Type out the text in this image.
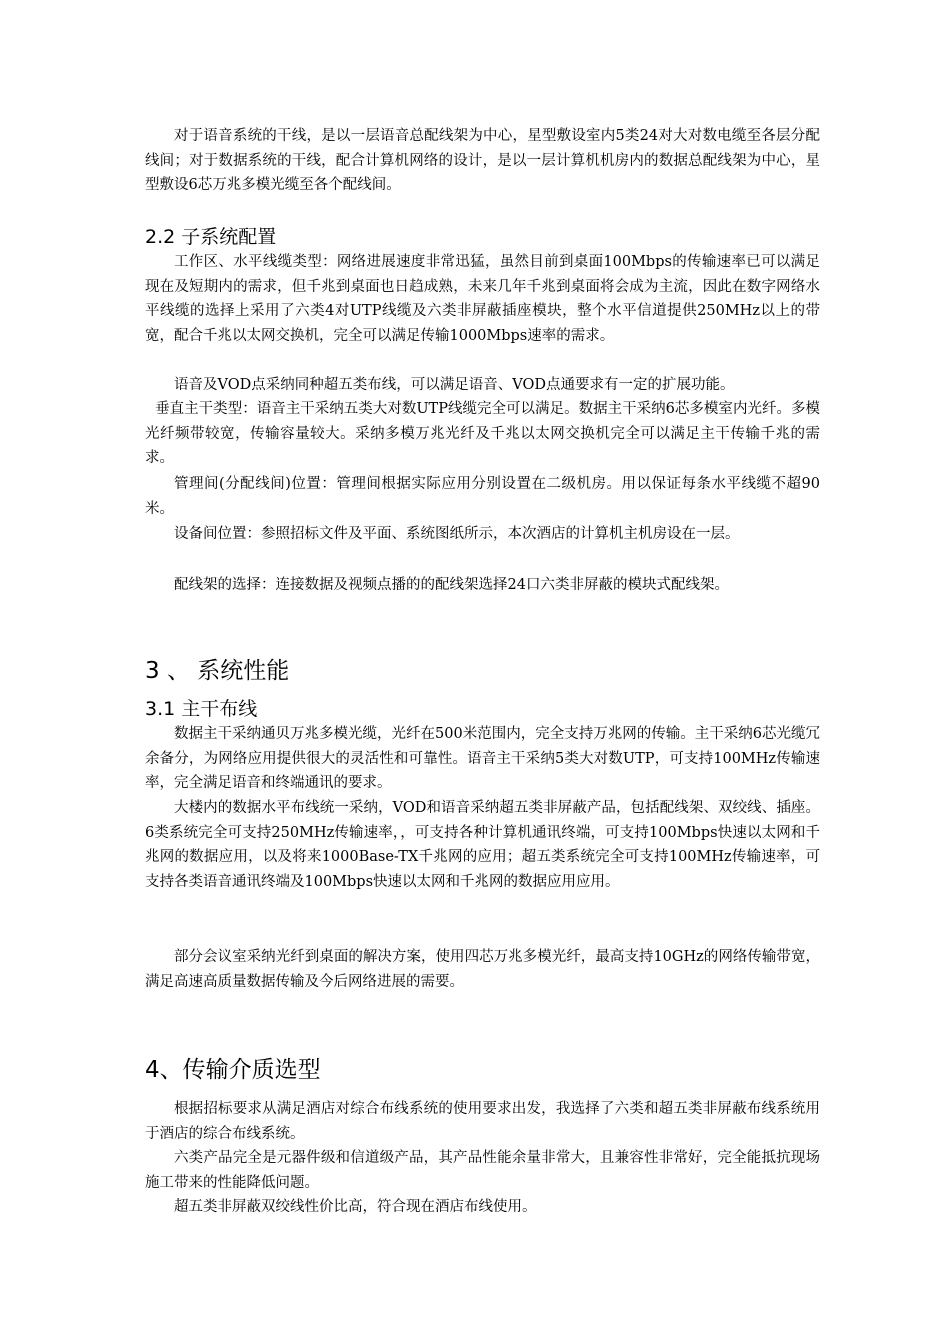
对于语音系统的干线，是以一层语音总配线架为中心，星型敷设室内5类24对大对数电缆至各层分配线间；对于数据系统的干线，配合计算机网络的设计，是以一层计算机机房内的数据总配线架为中心，星型敷设6芯万兆多模光缆至各个配线间。

2.2 子系统配置

工作区、水平线缆类型：网络进展速度非常迅猛，虽然目前到桌面100Mbps的传输速率已可以满足现在及短期内的需求，但千兆到桌面也日趋成熟，未来几年千兆到桌面将会成为主流，因此在数字网络水平线缆的选择上采用了六类4对UTP线缆及六类非屏蔽插座模块，整个水平信道提供250MHz以上的带宽，配合千兆以太网交换机，完全可以满足传输1000Mbps速率的需求。

语音及VOD点采纳同种超五类布线，可以满足语音、VOD点通要求有一定的扩展功能。

垂直主干类型：语音主干采纳五类大对数UTP线缆完全可以满足。数据主干采纳6芯多模室内光纤。多模光纤频带较宽，传输容量较大。采纳多模万兆光纤及千兆以太网交换机完全可以满足主干传输千兆的需求。

管理间(分配线间)位置：管理间根据实际应用分别设置在二级机房。用以保证每条水平线缆不超90米。

设备间位置：参照招标文件及平面、系统图纸所示，本次酒店的计算机主机房设在一层。

配线架的选择：连接数据及视频点播的的配线架选择24口六类非屏蔽的模块式配线架。

3 、 系统性能
3.1 主干布线

数据主干采纳通贝万兆多模光缆，光纤在500米范围内，完全支持万兆网的传输。主干采纳6芯光缆冗余备分，为网络应用提供很大的灵活性和可靠性。语音主干采纳5类大对数UTP，可支持100MHz传输速率，完全满足语音和终端通讯的要求。

大楼内的数据水平布线统一采纳，VOD和语音采纳超五类非屏蔽产品，包括配线架、双绞线、插座。6类系统完全可支持250MHz传输速率，，可支持各种计算机通讯终端，可支持100Mbps快速以太网和千兆网的数据应用，以及将来1000Base-TX千兆网的应用；超五类系统完全可支持100MHz传输速率，可支持各类语音通讯终端及100Mbps快速以太网和千兆网的数据应用应用。

部分会议室采纳光纤到桌面的解决方案，使用四芯万兆多模光纤，最高支持10GHz的网络传输带宽，满足高速高质量数据传输及今后网络进展的需要。

4、传输介质选型

根据招标要求从满足酒店对综合布线系统的使用要求出发，我选择了六类和超五类非屏蔽布线系统用于酒店的综合布线系统。

六类产品完全是元器件级和信道级产品，其产品性能余量非常大，且兼容性非常好，完全能抵抗现场施工带来的性能降低问题。

超五类非屏蔽双绞线性价比高，符合现在酒店布线使用。
